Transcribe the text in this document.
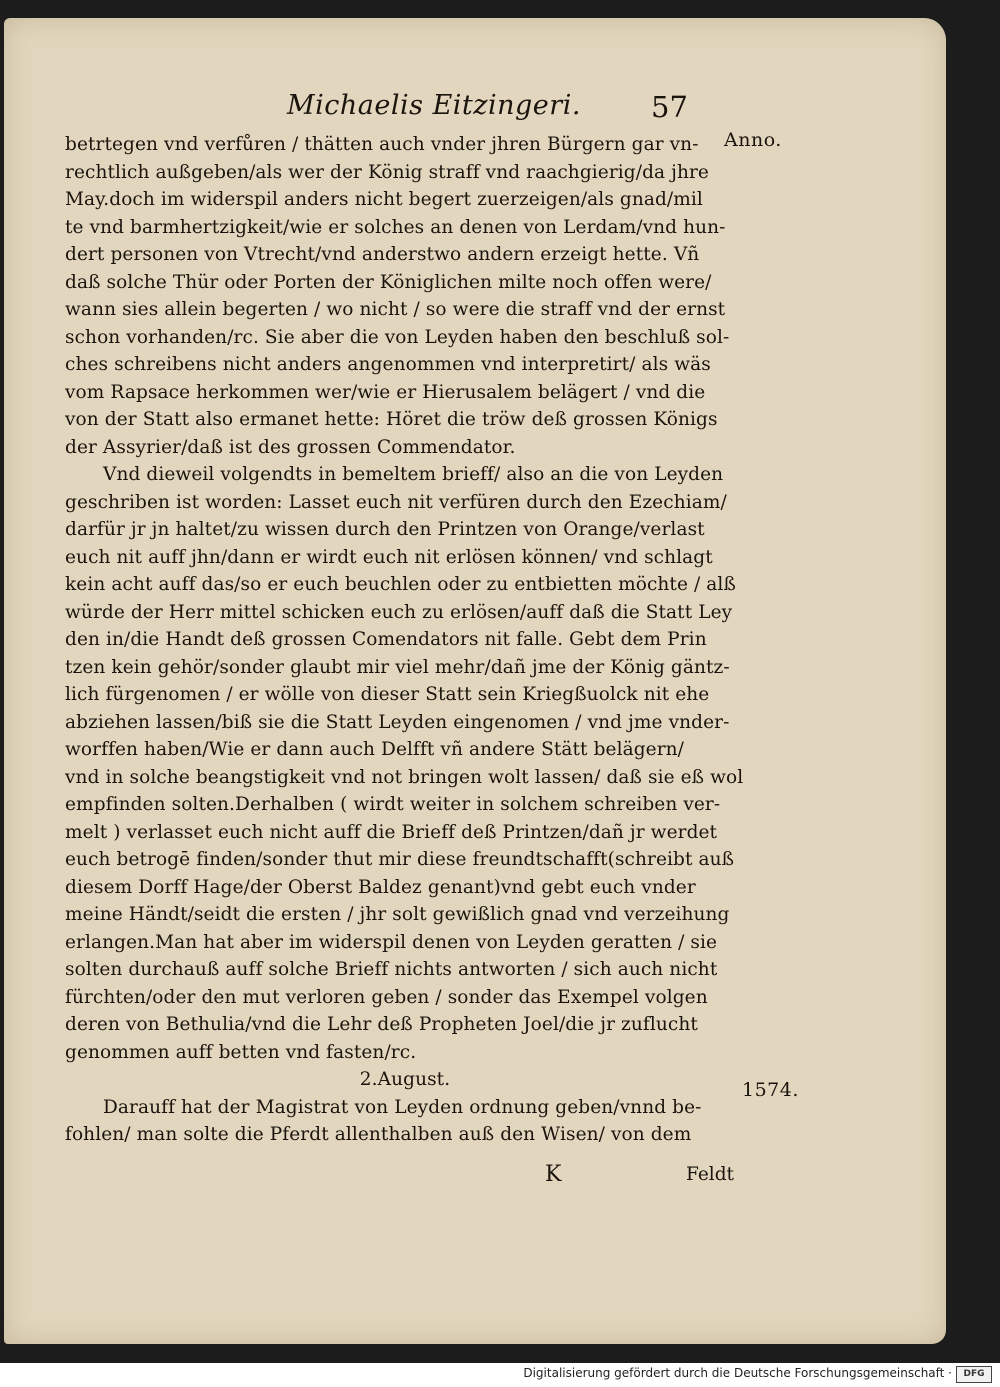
Michaelis Eitzingeri. 57
Anno.
1574.
betrtegen vnd verfůren / thätten auch vnder jhren Bürgern gar vn-
rechtlich außgeben/als wer der König straff vnd raachgierig/da jhre
May.doch im widerspil anders nicht begert zuerzeigen/als gnad/mil
te vnd barmhertzigkeit/wie er solches an denen von Lerdam/vnd hun-
dert personen von Vtrecht/vnd anderstwo andern erzeigt hette. Vñ
daß solche Thür oder Porten der Königlichen milte noch offen were/
wann sies allein begerten / wo nicht / so were die straff vnd der ernst
schon vorhanden/rc. Sie aber die von Leyden haben den beschluß sol-
ches schreibens nicht anders angenommen vnd interpretirt/ als wäs
vom Rapsace herkommen wer/wie er Hierusalem belägert / vnd die
von der Statt also ermanet hette: Höret die tröw deß grossen Königs
der Assyrier/daß ist des grossen Commendator.
Vnd dieweil volgendts in bemeltem brieff/ also an die von Leyden
geschriben ist worden: Lasset euch nit verfüren durch den Ezechiam/
darfür jr jn haltet/zu wissen durch den Printzen von Orange/verlast
euch nit auff jhn/dann er wirdt euch nit erlösen können/ vnd schlagt
kein acht auff das/so er euch beuchlen oder zu entbietten möchte / alß
würde der Herr mittel schicken euch zu erlösen/auff daß die Statt Ley
den in/die Handt deß grossen Comendators nit falle. Gebt dem Prin
tzen kein gehör/sonder glaubt mir viel mehr/dañ jme der König gäntz-
lich fürgenomen / er wölle von dieser Statt sein Kriegßuolck nit ehe
abziehen lassen/biß sie die Statt Leyden eingenomen / vnd jme vnder-
worffen haben/Wie er dann auch Delfft vñ andere Stätt belägern/
vnd in solche beangstigkeit vnd not bringen wolt lassen/ daß sie eß wol
empfinden solten.Derhalben ( wirdt weiter in solchem schreiben ver-
melt ) verlasset euch nicht auff die Brieff deß Printzen/dañ jr werdet
euch betrogē finden/sonder thut mir diese freundtschafft(schreibt auß
diesem Dorff Hage/der Oberst Baldez genant)vnd gebt euch vnder
meine Händt/seidt die ersten / jhr solt gewißlich gnad vnd verzeihung
erlangen.Man hat aber im widerspil denen von Leyden geratten / sie
solten durchauß auff solche Brieff nichts antworten / sich auch nicht
fürchten/oder den mut verloren geben / sonder das Exempel volgen
deren von Bethulia/vnd die Lehr deß Propheten Joel/die jr zuflucht
genommen auff betten vnd fasten/rc.
2.August.
Darauff hat der Magistrat von Leyden ordnung geben/vnnd be-
fohlen/ man solte die Pferdt allenthalben auß den Wisen/ von dem
K	Feldt
Digitalisierung gefördert durch die Deutsche Forschungsgemeinschaft ·	DFG
